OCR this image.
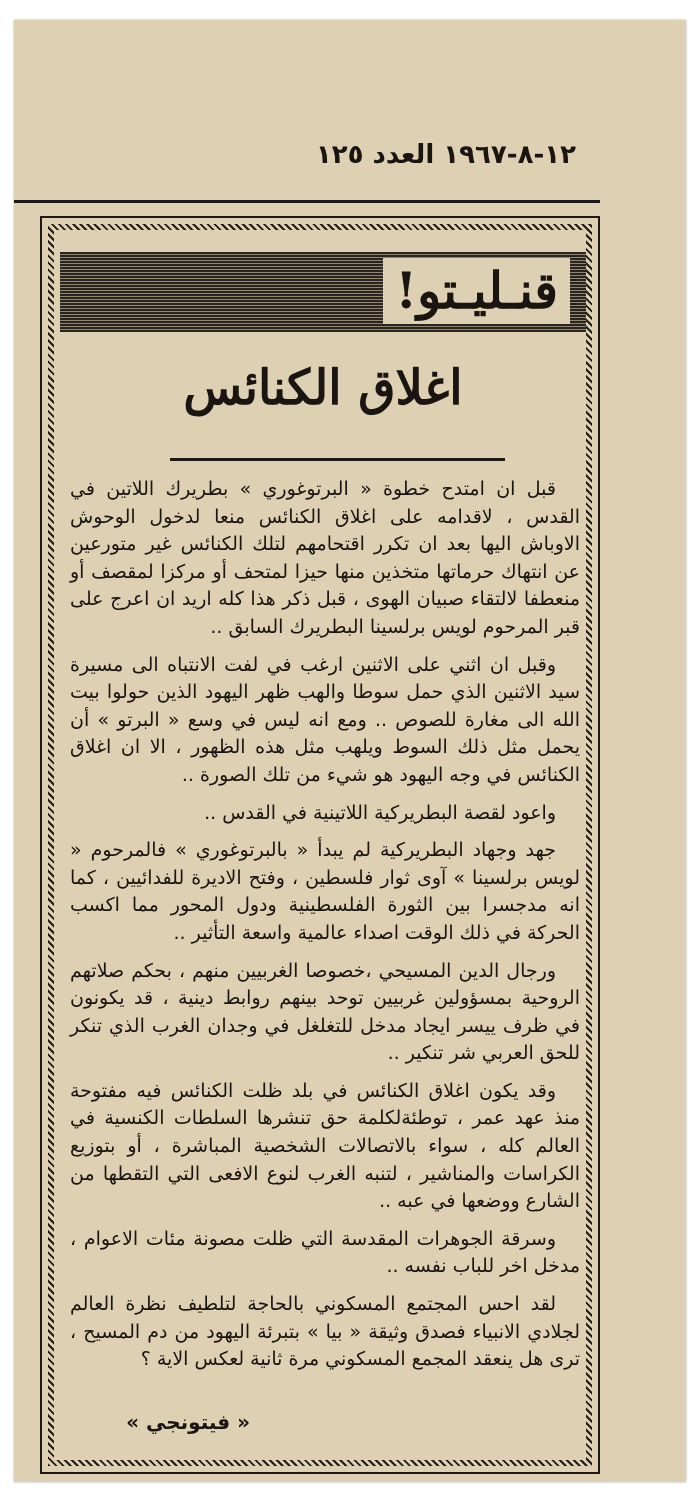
١٢-٨-١٩٦٧ العدد ١٢٥
قنـليـتو!
اغلاق الكنائس

قبل ان امتدح خطوة « البرتوغوري » بطريرك اللاتين في القدس ، لاقدامه على اغلاق الكنائس منعا لدخول الوحوش الاوباش اليها بعد ان تكرر اقتحامهم لتلك الكنائس غير متورعين عن انتهاك حرماتها متخذين منها حيزا لمتحف أو مركزا لمقصف أو منعطفا لالتقاء صبيان الهوى ، قبل ذكر هذا كله اريد ان اعرج على قبر المرحوم لويس برلسينا البطريرك السابق ..

وقبل ان اثني على الاثنين ارغب في لفت الانتباه الى مسيرة سيد الاثنين الذي حمل سوطا والهب ظهر اليهود الذين حولوا بيت الله الى مغارة للصوص .. ومع انه ليس في وسع « البرتو » أن يحمل مثل ذلك السوط ويلهب مثل هذه الظهور ، الا ان اغلاق الكنائس في وجه اليهود هو شيء من تلك الصورة ..

واعود لقصة البطريركية اللاتينية في القدس ..

جهد وجهاد البطريركية لم يبدأ « بالبرتوغوري » فالمرحوم « لويس برلسينا » آوى ثوار فلسطين ، وفتح الاديرة للفدائيين ، كما انه مدجسرا بين الثورة الفلسطينية ودول المحور مما اكسب الحركة في ذلك الوقت اصداء عالمية واسعة التأثير ..

ورجال الدين المسيحي ،خصوصا الغربيين منهم ، بحكم صلاتهم الروحية بمسؤولين غربيين توحد بينهم روابط دينية ، قد يكونون في ظرف ييسر ايجاد مدخل للتغلغل في وجدان الغرب الذي تنكر للحق العربي شر تنكير ..

وقد يكون اغلاق الكنائس في بلد ظلت الكنائس فيه مفتوحة منذ عهد عمر ، توطئةلكلمة حق تنشرها السلطات الكنسية في العالم كله ، سواء بالاتصالات الشخصية المباشرة ، أو بتوزيع الكراسات والمناشير ، لتنبه الغرب لنوع الافعى التي التقطها من الشارع ووضعها في عبه ..

وسرقة الجوهرات المقدسة التي ظلت مصونة مئات الاعوام ، مدخل اخر للباب نفسه ..

لقد احس المجتمع المسكوني بالحاجة لتلطيف نظرة العالم لجلادي الانبياء فصدق وثيقة « بيا » بتبرئة اليهود من دم المسيح ، ترى هل ينعقد المجمع المسكوني مرة ثانية لعكس الاية ؟

« فيتونجي »
